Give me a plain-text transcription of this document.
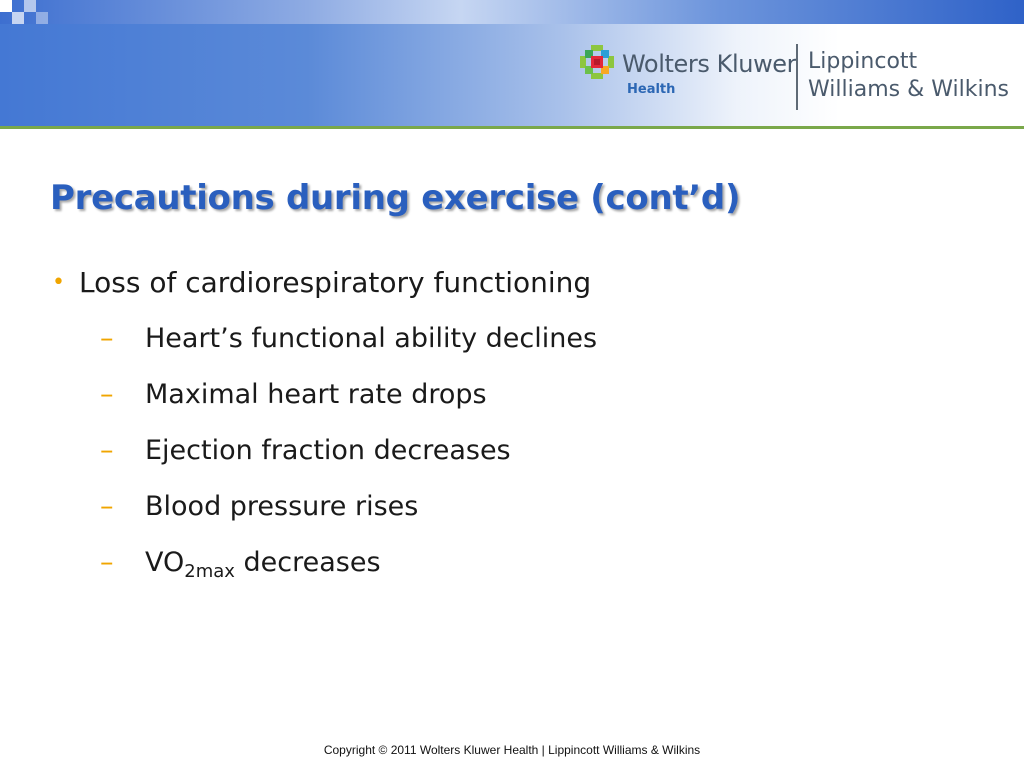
Wolters Kluwer
Health
Lippincott
Williams & Wilkins
Precautions during exercise (cont’d)
• Loss of cardiorespiratory functioning
– Heart’s functional ability declines
– Maximal heart rate drops
– Ejection fraction decreases
– Blood pressure rises
– $VO_{2max}$ decreases
Copyright © 2011 Wolters Kluwer Health | Lippincott Williams & Wilkins
